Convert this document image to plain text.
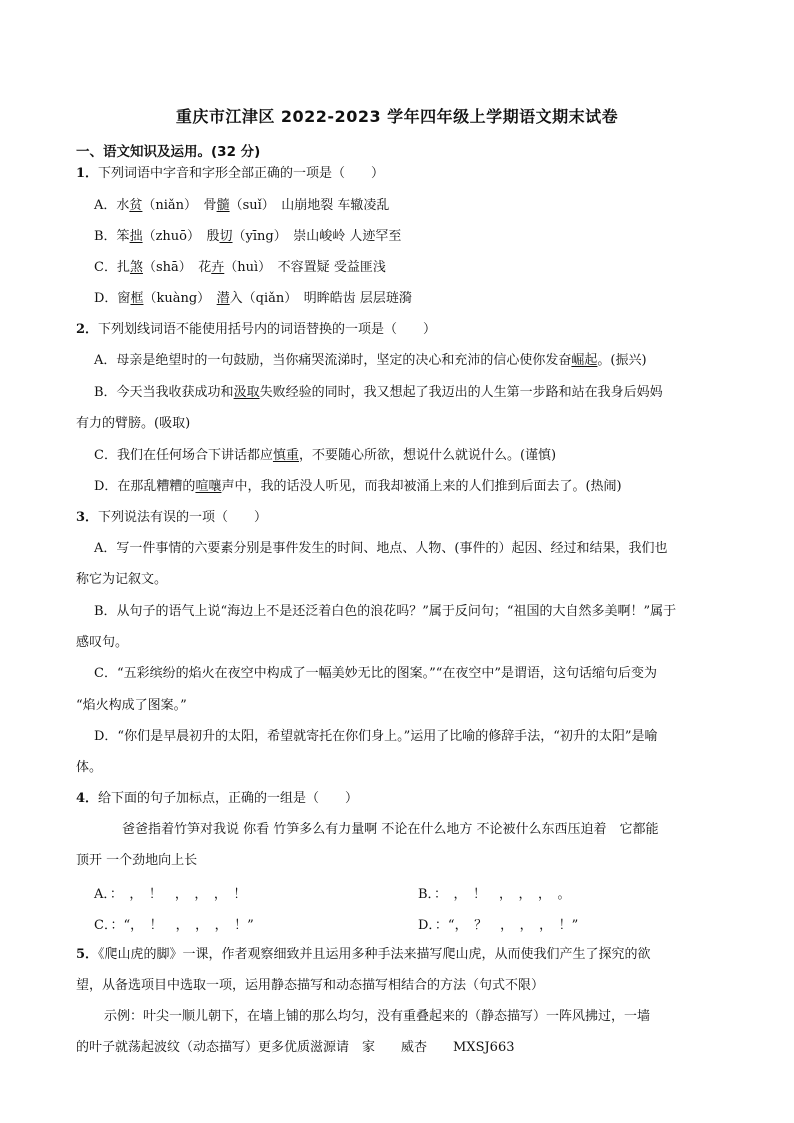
重庆市江津区 2022-2023 学年四年级上学期语文期末试卷
一、语文知识及运用。(32 分)
1．下列词语中字音和字形全部正确的一项是（　　）
A．水贫（niǎn）　骨髓（suǐ）　山崩地裂 车辙凌乱
B．笨拙（zhuō）　殷切（yīng）　崇山峻岭 人迹罕至
C．扎煞（shā）　花卉（huì）　不容置疑 受益匪浅
D．窗框（kuàng）　潜入（qiǎn）　明眸皓齿 层层琏漪
2．下列划线词语不能使用括号内的词语替换的一项是（　　）
A．母亲是绝望时的一句鼓励，当你痛哭流涕时，坚定的决心和充沛的信心使你发奋崛起。(振兴)
B．今天当我收获成功和汲取失败经验的同时，我又想起了我迈出的人生第一步路和站在我身后妈妈
有力的臂膀。(吸取)
C．我们在任何场合下讲话都应慎重，不要随心所欲，想说什么就说什么。(谨慎)
D．在那乱糟糟的喧嚷声中，我的话没人听见，而我却被涌上来的人们推到后面去了。(热闹)
3．下列说法有误的一项（　　）
A．写一件事情的六要素分别是事件发生的时间、地点、人物、(事件的）起因、经过和结果，我们也
称它为记叙文。
B．从句子的语气上说“海边上不是还泛着白色的浪花吗？”属于反问句；“祖国的大自然多美啊！”属于
感叹句。
C．“五彩缤纷的焰火在夜空中构成了一幅美妙无比的图案。”“在夜空中”是谓语，这句话缩句后变为
“焰火构成了图案。”
D．“你们是早晨初升的太阳，希望就寄托在你们身上。”运用了比喻的修辞手法，“初升的太阳”是喻
体。
4．给下面的句子加标点，正确的一组是（　　）
爸爸指着竹笋对我说 你看 竹笋多么有力量啊 不论在什么地方 不论被什么东西压迫着　它都能
顶开 一个劲地向上长
A．：　，　！　，　，　，　！	B．：　，　！　，　，　，　。
C．：“，　！　，　，　，　！”	D．：“，　？　，　，　，　！”
5．《爬山虎的脚》一课，作者观察细致并且运用多种手法来描写爬山虎，从而使我们产生了探究的欲
望，从备选项目中选取一项，运用静态描写和动态描写相结合的方法（句式不限）
示例：叶尖一顺儿朝下，在墙上铺的那么均匀，没有重叠起来的（静态描写）一阵风拂过，一墙
的叶子就荡起波纹（动态描写）更多优质滋源请　家　　威杏　　MXSJ663
